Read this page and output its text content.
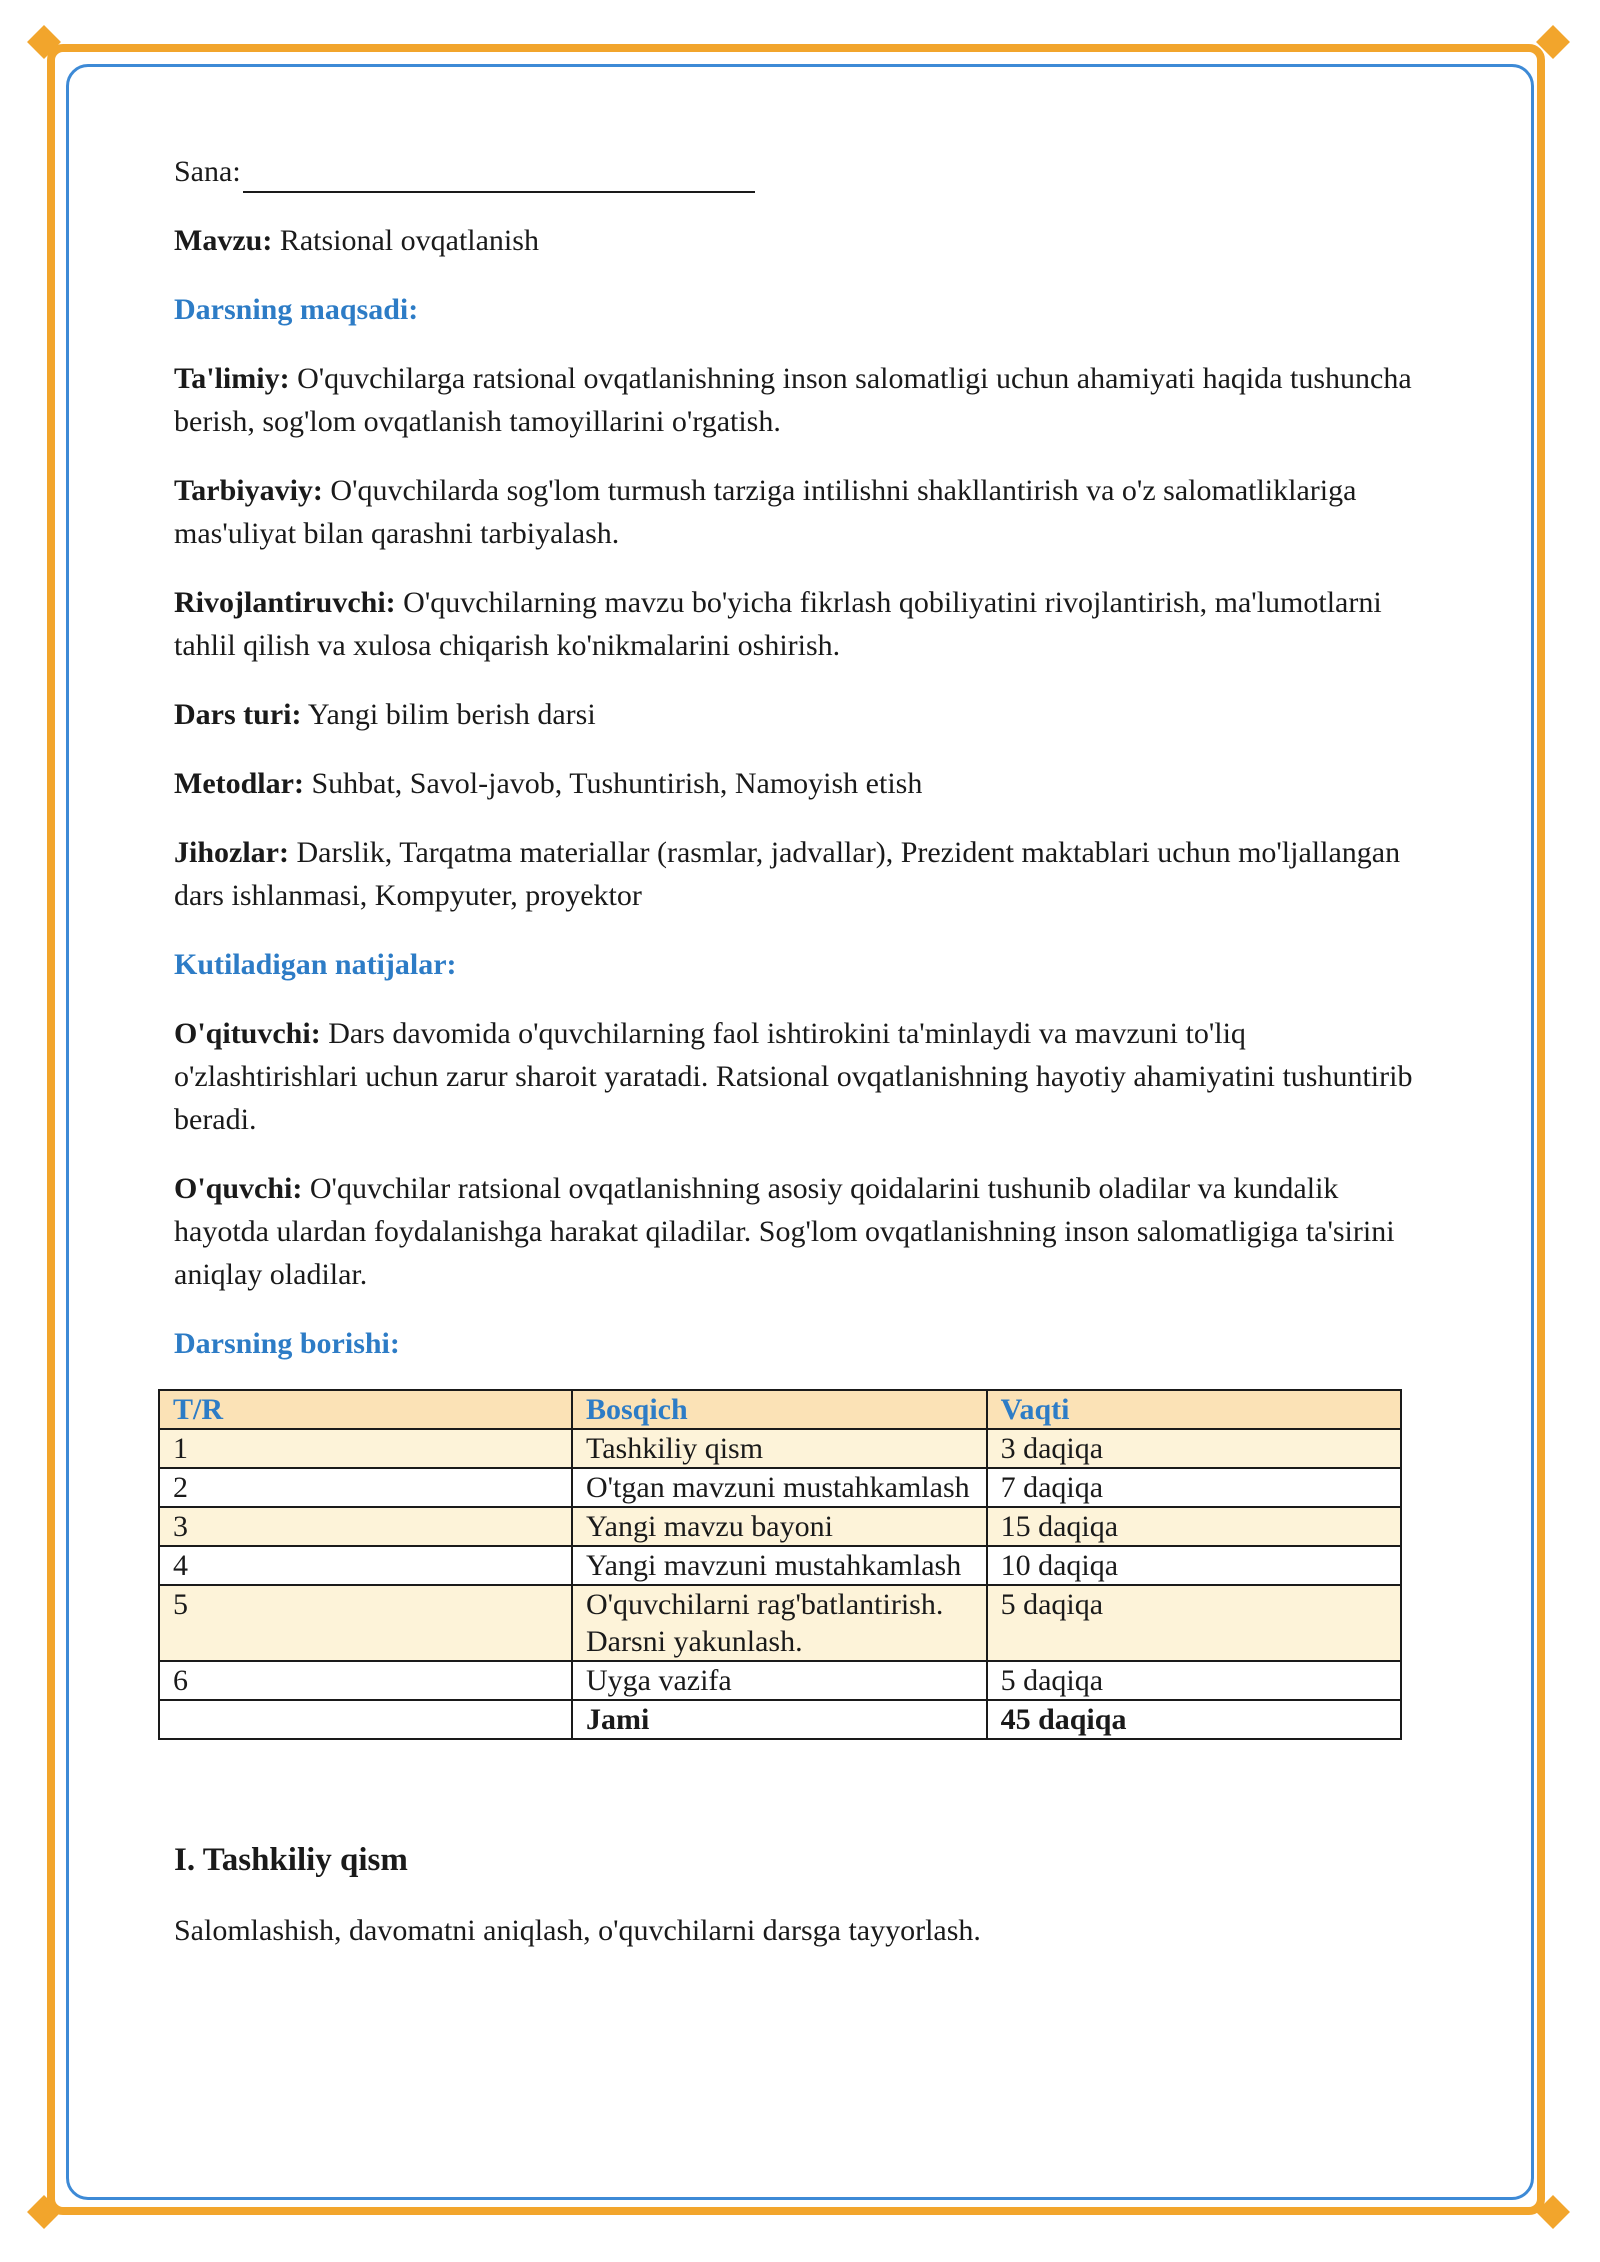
Sana:

Mavzu: Ratsional ovqatlanish

Darsning maqsadi:

Ta'limiy: O'quvchilarga ratsional ovqatlanishning inson salomatligi uchun ahamiyati haqida tushuncha berish, sog'lom ovqatlanish tamoyillarini o'rgatish.

Tarbiyaviy: O'quvchilarda sog'lom turmush tarziga intilishni shakllantirish va o'z salomatliklariga mas'uliyat bilan qarashni tarbiyalash.

Rivojlantiruvchi: O'quvchilarning mavzu bo'yicha fikrlash qobiliyatini rivojlantirish, ma'lumotlarni tahlil qilish va xulosa chiqarish ko'nikmalarini oshirish.

Dars turi: Yangi bilim berish darsi

Metodlar: Suhbat, Savol-javob, Tushuntirish, Namoyish etish

Jihozlar: Darslik, Tarqatma materiallar (rasmlar, jadvallar), Prezident maktablari uchun mo'ljallangan dars ishlanmasi, Kompyuter, proyektor

Kutiladigan natijalar:

O'qituvchi: Dars davomida o'quvchilarning faol ishtirokini ta'minlaydi va mavzuni to'liq o'zlashtirishlari uchun zarur sharoit yaratadi. Ratsional ovqatlanishning hayotiy ahamiyatini tushuntirib beradi.

O'quvchi: O'quvchilar ratsional ovqatlanishning asosiy qoidalarini tushunib oladilar va kundalik hayotda ulardan foydalanishga harakat qiladilar. Sog'lom ovqatlanishning inson salomatligiga ta'sirini aniqlay oladilar.

Darsning borishi:

T/R	Bosqich	Vaqti
1	Tashkiliy qism	3 daqiqa
2	O'tgan mavzuni mustahkamlash	7 daqiqa
3	Yangi mavzu bayoni	15 daqiqa
4	Yangi mavzuni mustahkamlash	10 daqiqa
5	O'quvchilarni rag'batlantirish. Darsni yakunlash.	5 daqiqa
6	Uyga vazifa	5 daqiqa
	Jami	45 daqiqa
I. Tashkiliy qism

Salomlashish, davomatni aniqlash, o'quvchilarni darsga tayyorlash.
